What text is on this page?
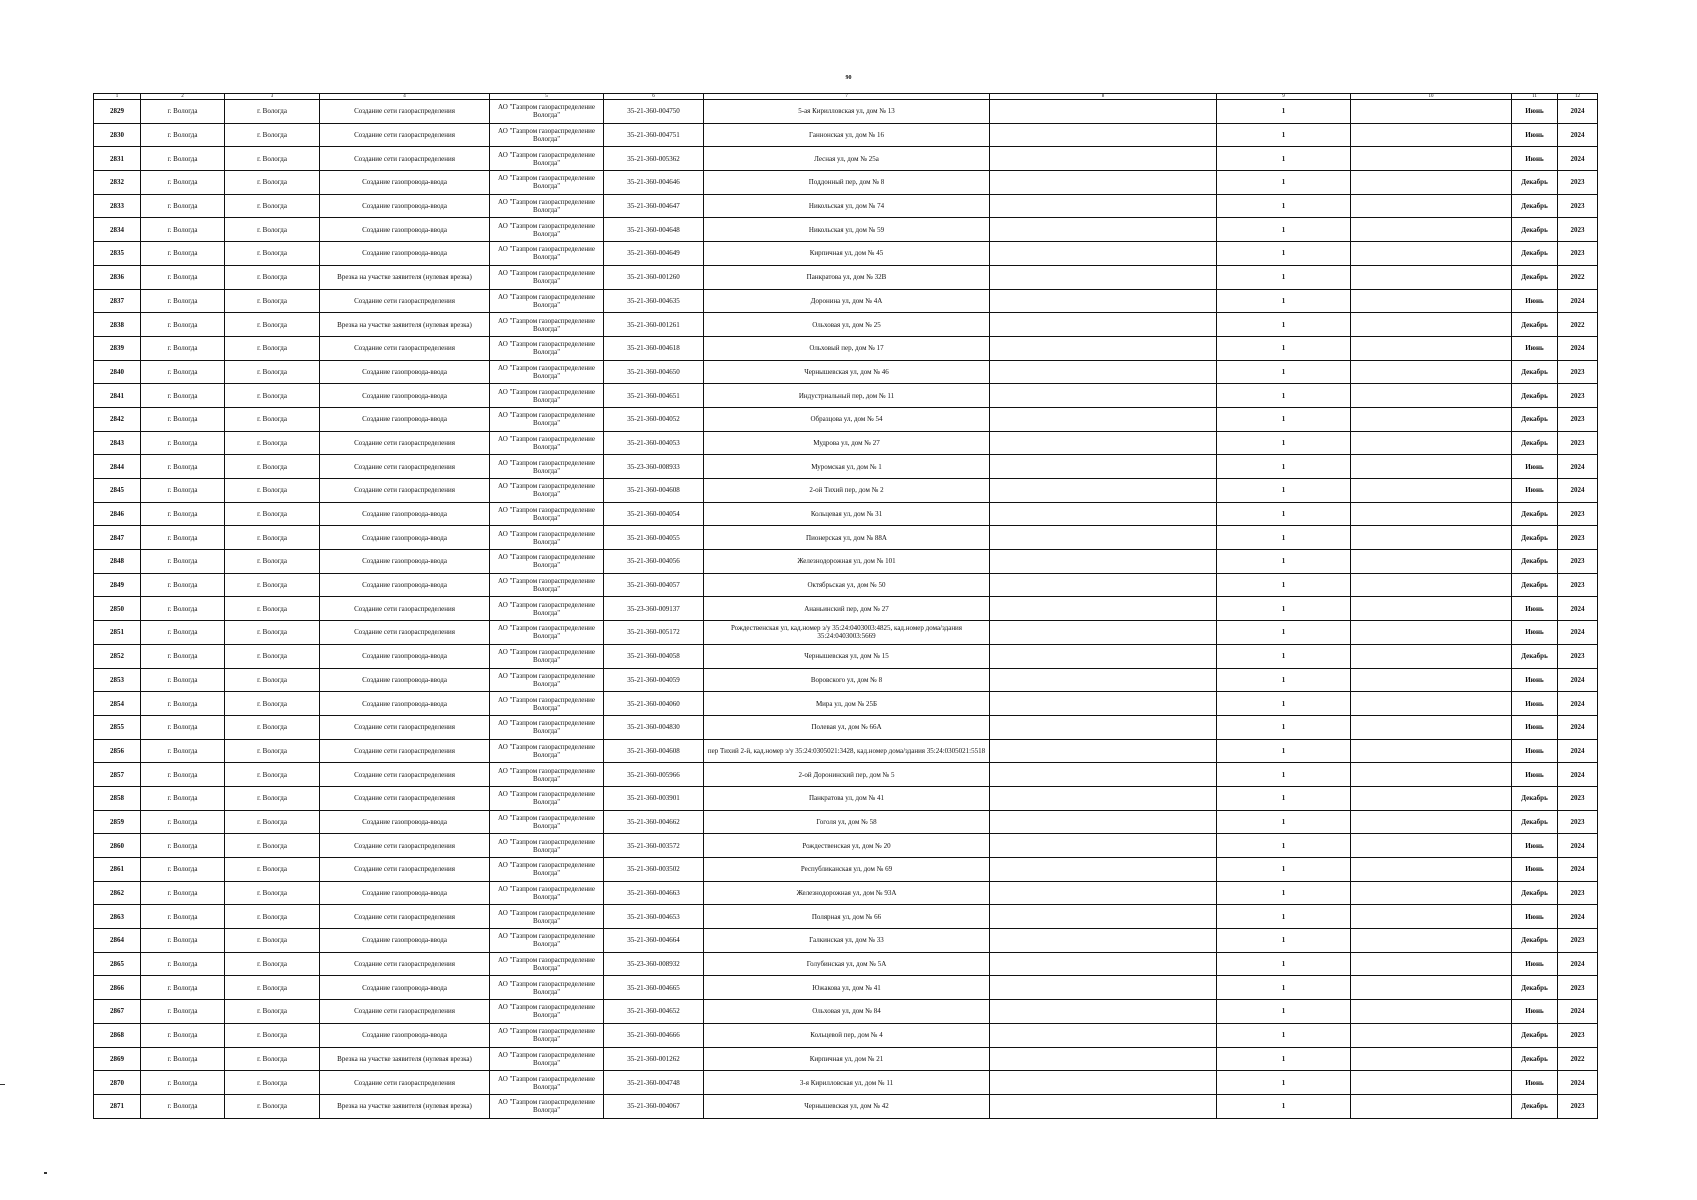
90
1	2	3	4	5	6	7	8	9	10	11	12
2829	г. Вологда	г. Вологда	Создание сети газораспределения	АО "Газпром газораспределение Вологда"	35-21-360-004750	5-ая Кирилловская ул, дом № 13		1		Июнь	2024
2830	г. Вологда	г. Вологда	Создание сети газораспределения	АО "Газпром газораспределение Вологда"	35-21-360-004751	Ганнонская ул, дом № 16		1		Июнь	2024
2831	г. Вологда	г. Вологда	Создание сети газораспределения	АО "Газпром газораспределение Вологда"	35-21-360-005362	Лесная ул, дом № 25а		1		Июнь	2024
2832	г. Вологда	г. Вологда	Создание газопровода-ввода	АО "Газпром газораспределение Вологда"	35-21-360-004646	Поддонный пер, дом № 8		1		Декабрь	2023
2833	г. Вологда	г. Вологда	Создание газопровода-ввода	АО "Газпром газораспределение Вологда"	35-21-360-004647	Никольская ул, дом № 74		1		Декабрь	2023
2834	г. Вологда	г. Вологда	Создание газопровода-ввода	АО "Газпром газораспределение Вологда"	35-21-360-004648	Никольская ул, дом № 59		1		Декабрь	2023
2835	г. Вологда	г. Вологда	Создание газопровода-ввода	АО "Газпром газораспределение Вологда"	35-21-360-004649	Кирпичная ул, дом № 45		1		Декабрь	2023
2836	г. Вологда	г. Вологда	Врезка на участке заявителя (нулевая врезка)	АО "Газпром газораспределение Вологда"	35-21-360-001260	Панкратова ул, дом № 32В		1		Декабрь	2022
2837	г. Вологда	г. Вологда	Создание сети газораспределения	АО "Газпром газораспределение Вологда"	35-21-360-004635	Доронина ул, дом № 4А		1		Июнь	2024
2838	г. Вологда	г. Вологда	Врезка на участке заявителя (нулевая врезка)	АО "Газпром газораспределение Вологда"	35-21-360-001261	Ольховая ул, дом № 25		1		Декабрь	2022
2839	г. Вологда	г. Вологда	Создание сети газораспределения	АО "Газпром газораспределение Вологда"	35-21-360-004618	Ольховый пер, дом № 17		1		Июнь	2024
2840	г. Вологда	г. Вологда	Создание газопровода-ввода	АО "Газпром газораспределение Вологда"	35-21-360-004650	Чернышевская ул, дом № 46		1		Декабрь	2023
2841	г. Вологда	г. Вологда	Создание газопровода-ввода	АО "Газпром газораспределение Вологда"	35-21-360-004651	Индустриальный пер, дом № 11		1		Декабрь	2023
2842	г. Вологда	г. Вологда	Создание газопровода-ввода	АО "Газпром газораспределение Вологда"	35-21-360-004052	Образцова ул, дом № 54		1		Декабрь	2023
2843	г. Вологда	г. Вологда	Создание сети газораспределения	АО "Газпром газораспределение Вологда"	35-21-360-004053	Мудрова ул, дом № 27		1		Декабрь	2023
2844	г. Вологда	г. Вологда	Создание сети газораспределения	АО "Газпром газораспределение Вологда"	35-23-360-008933	Муромская ул, дом № 1		1		Июнь	2024
2845	г. Вологда	г. Вологда	Создание сети газораспределения	АО "Газпром газораспределение Вологда"	35-21-360-004608	2-ой Тихий пер, дом № 2		1		Июнь	2024
2846	г. Вологда	г. Вологда	Создание газопровода-ввода	АО "Газпром газораспределение Вологда"	35-21-360-004054	Кольцевая ул, дом № 31		1		Декабрь	2023
2847	г. Вологда	г. Вологда	Создание газопровода-ввода	АО "Газпром газораспределение Вологда"	35-21-360-004055	Пионерская ул, дом № 88А		1		Декабрь	2023
2848	г. Вологда	г. Вологда	Создание газопровода-ввода	АО "Газпром газораспределение Вологда"	35-21-360-004056	Железнодорожная ул, дом № 101		1		Декабрь	2023
2849	г. Вологда	г. Вологда	Создание газопровода-ввода	АО "Газпром газораспределение Вологда"	35-21-360-004057	Октябрьская ул, дом № 50		1		Декабрь	2023
2850	г. Вологда	г. Вологда	Создание сети газораспределения	АО "Газпром газораспределение Вологда"	35-23-360-009137	Ананьинский пер, дом № 27		1		Июнь	2024
2851	г. Вологда	г. Вологда	Создание сети газораспределения	АО "Газпром газораспределение Вологда"	35-21-360-005172	Рождественская ул, кад.номер з/у 35:24:0403003:4825, кад.номер дома/здания 35:24:0403003:5669		1		Июнь	2024
2852	г. Вологда	г. Вологда	Создание газопровода-ввода	АО "Газпром газораспределение Вологда"	35-21-360-004058	Чернышевская ул, дом № 15		1		Декабрь	2023
2853	г. Вологда	г. Вологда	Создание газопровода-ввода	АО "Газпром газораспределение Вологда"	35-21-360-004059	Воровского ул, дом № 8		1		Июнь	2024
2854	г. Вологда	г. Вологда	Создание газопровода-ввода	АО "Газпром газораспределение Вологда"	35-21-360-004060	Мира ул, дом № 25Б		1		Июнь	2024
2855	г. Вологда	г. Вологда	Создание сети газораспределения	АО "Газпром газораспределение Вологда"	35-21-360-004830	Полевая ул, дом № 66А		1		Июнь	2024
2856	г. Вологда	г. Вологда	Создание сети газораспределения	АО "Газпром газораспределение Вологда"	35-21-360-004608	пер Тихий 2-й, кад.номер з/у 35:24:0305021:3428, кад.номер дома/здания 35:24:0305021:5518		1		Июнь	2024
2857	г. Вологда	г. Вологда	Создание сети газораспределения	АО "Газпром газораспределение Вологда"	35-21-360-005966	2-ой Доронинский пер, дом № 5		1		Июнь	2024
2858	г. Вологда	г. Вологда	Создание сети газораспределения	АО "Газпром газораспределение Вологда"	35-21-360-003901	Панкратова ул, дом № 41		1		Декабрь	2023
2859	г. Вологда	г. Вологда	Создание газопровода-ввода	АО "Газпром газораспределение Вологда"	35-21-360-004662	Гоголя ул, дом № 58		1		Декабрь	2023
2860	г. Вологда	г. Вологда	Создание сети газораспределения	АО "Газпром газораспределение Вологда"	35-21-360-003572	Рождественская ул, дом № 20		1		Июнь	2024
2861	г. Вологда	г. Вологда	Создание сети газораспределения	АО "Газпром газораспределение Вологда"	35-21-360-003502	Республиканская ул, дом № 69		1		Июнь	2024
2862	г. Вологда	г. Вологда	Создание газопровода-ввода	АО "Газпром газораспределение Вологда"	35-21-360-004663	Железнодорожная ул, дом № 93А		1		Декабрь	2023
2863	г. Вологда	г. Вологда	Создание сети газораспределения	АО "Газпром газораспределение Вологда"	35-21-360-004653	Полярная ул, дом № 66		1		Июнь	2024
2864	г. Вологда	г. Вологда	Создание газопровода-ввода	АО "Газпром газораспределение Вологда"	35-21-360-004664	Галкинская ул, дом № 33		1		Декабрь	2023
2865	г. Вологда	г. Вологда	Создание сети газораспределения	АО "Газпром газораспределение Вологда"	35-23-360-008932	Голубинская ул, дом № 5А		1		Июнь	2024
2866	г. Вологда	г. Вологда	Создание газопровода-ввода	АО "Газпром газораспределение Вологда"	35-21-360-004665	Южакова ул, дом № 41		1		Декабрь	2023
2867	г. Вологда	г. Вологда	Создание сети газораспределения	АО "Газпром газораспределение Вологда"	35-21-360-004652	Ольховая ул, дом № 84		1		Июнь	2024
2868	г. Вологда	г. Вологда	Создание газопровода-ввода	АО "Газпром газораспределение Вологда"	35-21-360-004666	Кольцевой пер, дом № 4		1		Декабрь	2023
2869	г. Вологда	г. Вологда	Врезка на участке заявителя (нулевая врезка)	АО "Газпром газораспределение Вологда"	35-21-360-001262	Кирпичная ул, дом № 21		1		Декабрь	2022
2870	г. Вологда	г. Вологда	Создание сети газораспределения	АО "Газпром газораспределение Вологда"	35-21-360-004748	3-я Кирилловская ул, дом № 11		1		Июнь	2024
2871	г. Вологда	г. Вологда	Врезка на участке заявителя (нулевая врезка)	АО "Газпром газораспределение Вологда"	35-21-360-004067	Чернышевская ул, дом № 42		1		Декабрь	2023
